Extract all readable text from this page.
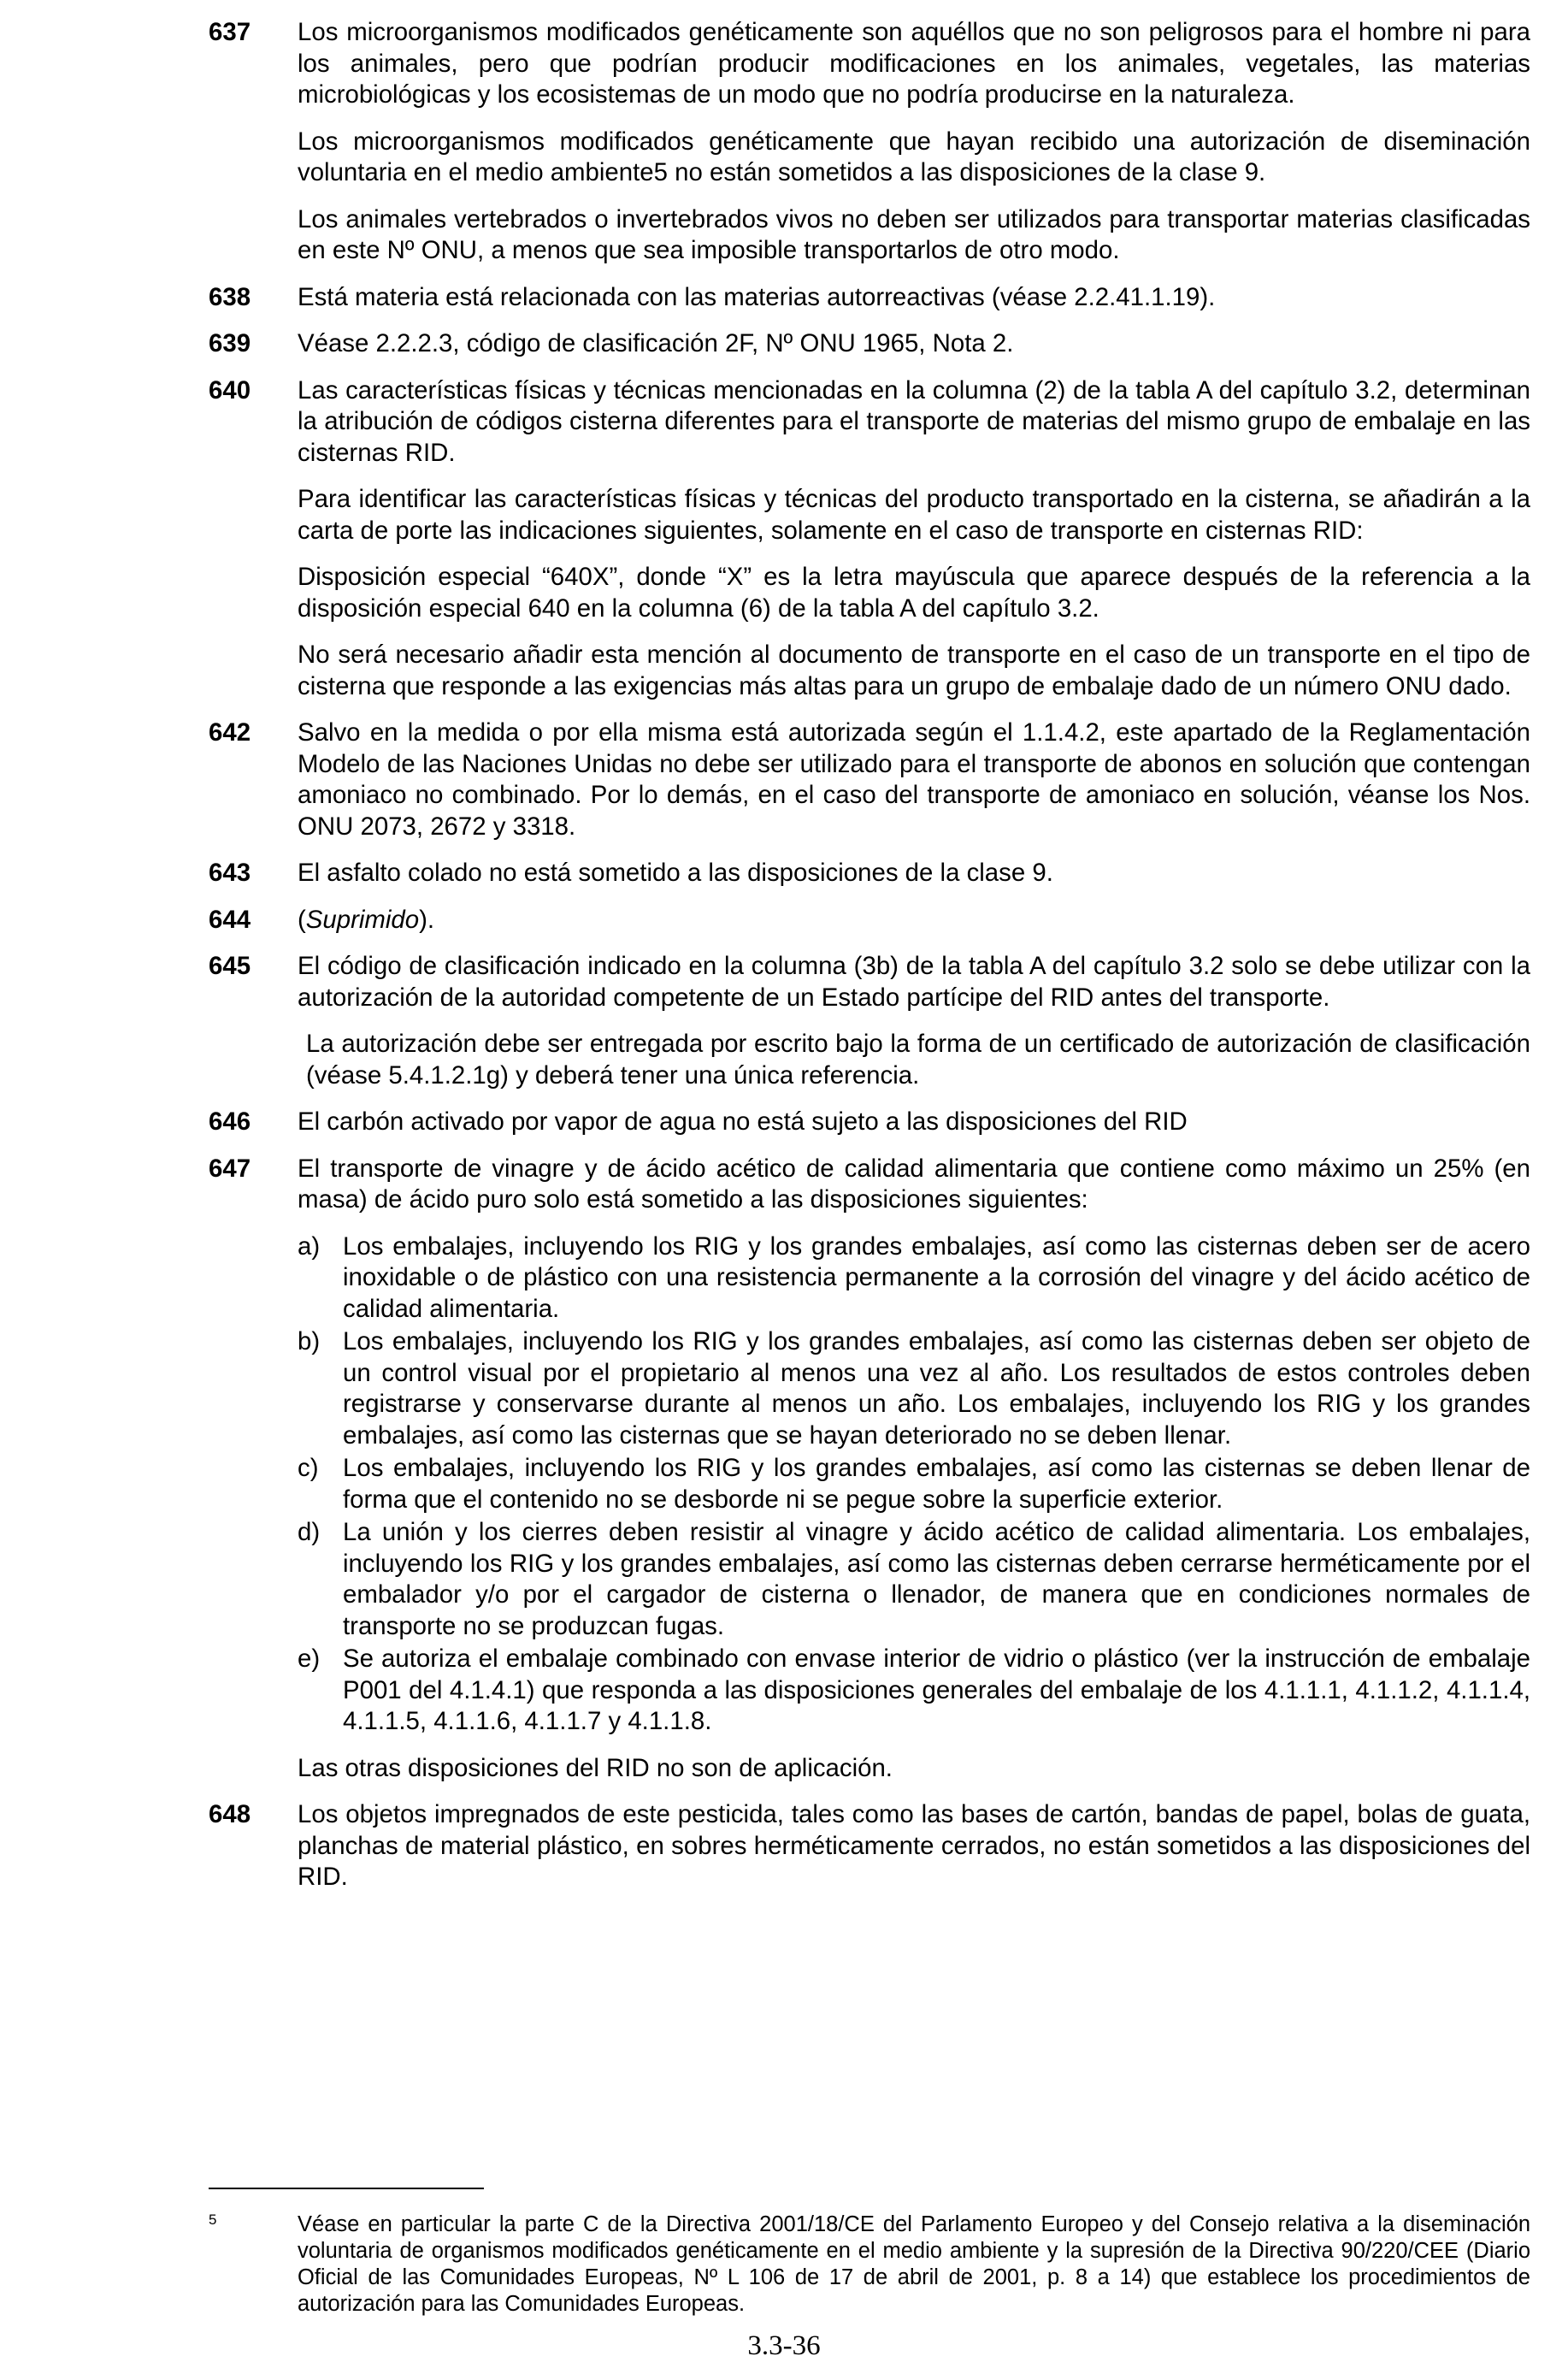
637 Los microorganismos modificados genéticamente son aquéllos que no son peligrosos para el hombre ni para los animales, pero que podrían producir modificaciones en los animales, vegetales, las materias microbiológicas y los ecosistemas de un modo que no podría producirse en la naturaleza.

Los microorganismos modificados genéticamente que hayan recibido una autorización de diseminación voluntaria en el medio ambiente5 no están sometidos a las disposiciones de la clase 9.

Los animales vertebrados o invertebrados vivos no deben ser utilizados para transportar materias clasificadas en este Nº ONU, a menos que sea imposible transportarlos de otro modo.

638 Está materia está relacionada con las materias autorreactivas (véase 2.2.41.1.19).

639 Véase 2.2.2.3, código de clasificación 2F, Nº ONU 1965, Nota 2.

640 Las características físicas y técnicas mencionadas en la columna (2) de la tabla A del capítulo 3.2, determinan la atribución de códigos cisterna diferentes para el transporte de materias del mismo grupo de embalaje en las cisternas RID.

Para identificar las características físicas y técnicas del producto transportado en la cisterna, se añadirán a la carta de porte las indicaciones siguientes, solamente en el caso de transporte en cisternas RID:

Disposición especial “640X”, donde “X” es la letra mayúscula que aparece después de la referencia a la disposición especial 640 en la columna (6) de la tabla A del capítulo 3.2.

No será necesario añadir esta mención al documento de transporte en el caso de un transporte en el tipo de cisterna que responde a las exigencias más altas para un grupo de embalaje dado de un número ONU dado.

642 Salvo en la medida o por ella misma está autorizada según el 1.1.4.2, este apartado de la Reglamentación Modelo de las Naciones Unidas no debe ser utilizado para el transporte de abonos en solución que contengan amoniaco no combinado. Por lo demás, en el caso del transporte de amoniaco en solución, véanse los Nos. ONU 2073, 2672 y 3318.

643 El asfalto colado no está sometido a las disposiciones de la clase 9.

644 (Suprimido).

645 El código de clasificación indicado en la columna (3b) de la tabla A del capítulo 3.2 solo se debe utilizar con la autorización de la autoridad competente de un Estado partícipe del RID antes del transporte.

La autorización debe ser entregada por escrito bajo la forma de un certificado de autorización de clasificación (véase 5.4.1.2.1g) y deberá tener una única referencia.

646 El carbón activado por vapor de agua no está sujeto a las disposiciones del RID

647 El transporte de vinagre y de ácido acético de calidad alimentaria que contiene como máximo un 25% (en masa) de ácido puro solo está sometido a las disposiciones siguientes:

a) Los embalajes, incluyendo los RIG y los grandes embalajes, así como las cisternas deben ser de acero inoxidable o de plástico con una resistencia permanente a la corrosión del vinagre y del ácido acético de calidad alimentaria.
b) Los embalajes, incluyendo los RIG y los grandes embalajes, así como las cisternas deben ser objeto de un control visual por el propietario al menos una vez al año. Los resultados de estos controles deben registrarse y conservarse durante al menos un año. Los embalajes, incluyendo los RIG y los grandes embalajes, así como las cisternas que se hayan deteriorado no se deben llenar.
c) Los embalajes, incluyendo los RIG y los grandes embalajes, así como las cisternas se deben llenar de forma que el contenido no se desborde ni se pegue sobre la superficie exterior.
d) La unión y los cierres deben resistir al vinagre y ácido acético de calidad alimentaria. Los embalajes, incluyendo los RIG y los grandes embalajes, así como las cisternas deben cerrarse herméticamente por el embalador y/o por el cargador de cisterna o llenador, de manera que en condiciones normales de transporte no se produzcan fugas.
e) Se autoriza el embalaje combinado con envase interior de vidrio o plástico (ver la instrucción de embalaje P001 del 4.1.4.1) que responda a las disposiciones generales del embalaje de los 4.1.1.1, 4.1.1.2, 4.1.1.4, 4.1.1.5, 4.1.1.6, 4.1.1.7 y 4.1.1.8.

Las otras disposiciones del RID no son de aplicación.

648 Los objetos impregnados de este pesticida, tales como las bases de cartón, bandas de papel, bolas de guata, planchas de material plástico, en sobres herméticamente cerrados, no están sometidos a las disposiciones del RID.

5	Véase en particular la parte C de la Directiva 2001/18/CE del Parlamento Europeo y del Consejo relativa a la diseminación voluntaria de organismos modificados genéticamente en el medio ambiente y la supresión de la Directiva 90/220/CEE (Diario Oficial de las Comunidades Europeas, Nº L 106 de 17 de abril de 2001, p. 8 a 14) que establece los procedimientos de autorización para las Comunidades Europeas.
3.3-36
